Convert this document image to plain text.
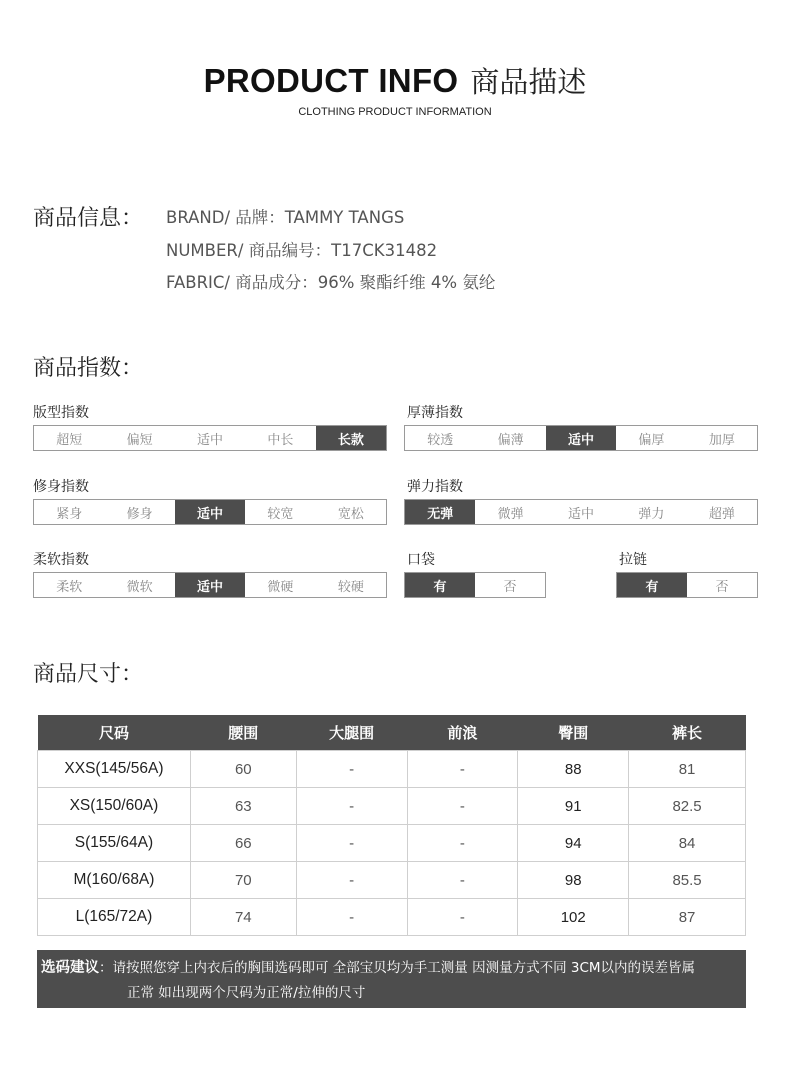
PRODUCT INFO 商品描述
CLOTHING PRODUCT INFORMATION
商品信息： BRAND/ 品牌：TAMMY TANGS
NUMBER/ 商品编号：T17CK31482
FABRIC/ 商品成分：96% 聚酯纤维 4% 氨纶
商品指数：
版型指数
超短	偏短	适中	中长	长款
厚薄指数
较透	偏薄	适中	偏厚	加厚
修身指数
紧身	修身	适中	较宽	宽松
弹力指数
无弹	微弹	适中	弹力	超弹
柔软指数
柔软	微软	适中	微硬	较硬
口袋
有	否
拉链
有	否
商品尺寸：
尺码	腰围	大腿围	前浪	臀围	裤长
XXS(145/56A)	60	-	-	88	81
XS(150/60A)	63	-	-	91	82.5
S(155/64A)	66	-	-	94	84
M(160/68A)	70	-	-	98	85.5
L(165/72A)	74	-	-	102	87
选码建议：请按照您穿上内衣后的胸围选码即可 全部宝贝均为手工测量 因测量方式不同 3CM以内的误差皆属
正常 如出现两个尺码为正常/拉伸的尺寸
